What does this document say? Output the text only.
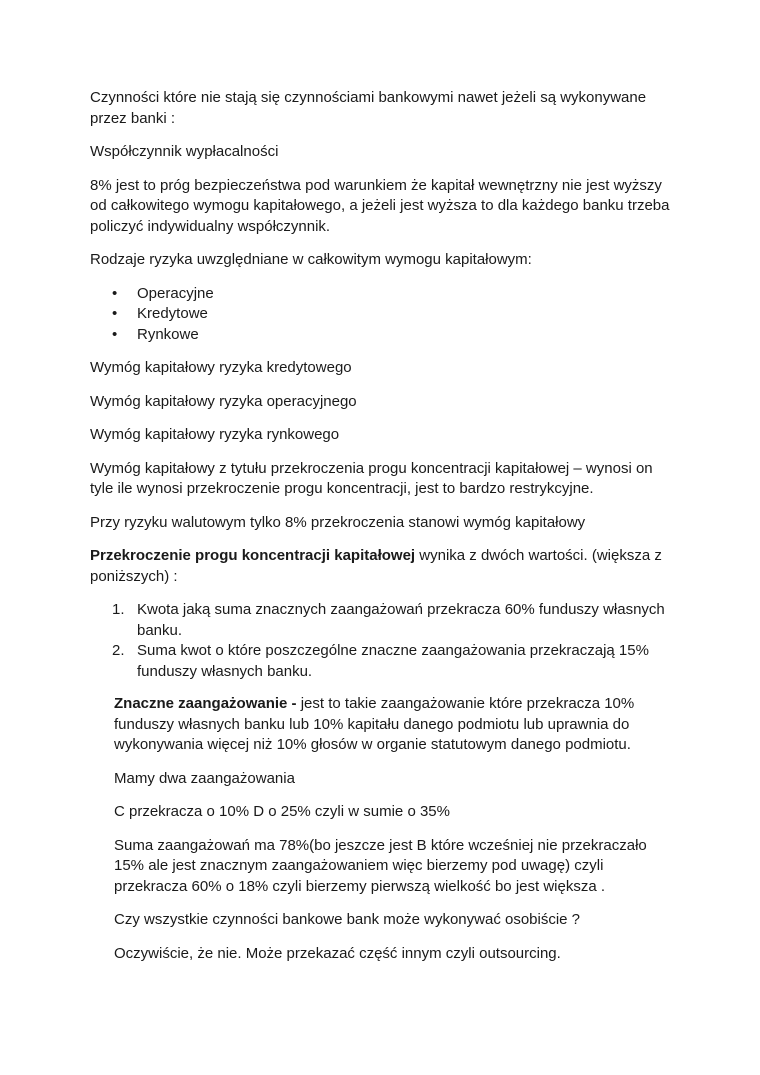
Czynności które nie stają się czynnościami bankowymi nawet jeżeli są wykonywane przez banki :

Współczynnik wypłacalności

8% jest to próg bezpieczeństwa pod warunkiem że kapitał wewnętrzny nie jest wyższy od całkowitego wymogu kapitałowego, a jeżeli jest wyższa to dla każdego banku trzeba policzyć indywidualny współczynnik.

Rodzaje ryzyka uwzględniane w całkowitym wymogu kapitałowym:

• Operacyjne
• Kredytowe
• Rynkowe

Wymóg kapitałowy ryzyka kredytowego

Wymóg kapitałowy ryzyka operacyjnego

Wymóg kapitałowy ryzyka rynkowego

Wymóg kapitałowy z tytułu przekroczenia progu koncentracji kapitałowej – wynosi on tyle ile wynosi przekroczenie progu koncentracji, jest to bardzo restrykcyjne.

Przy ryzyku walutowym tylko 8% przekroczenia stanowi wymóg kapitałowy

Przekroczenie progu koncentracji kapitałowej wynika z dwóch wartości. (większa z poniższych) :

1. Kwota jaką suma znacznych zaangażowań przekracza 60% funduszy własnych banku.
2. Suma kwot o które poszczególne znaczne zaangażowania przekraczają 15% funduszy własnych banku.

Znaczne zaangażowanie - jest to takie zaangażowanie które przekracza 10% funduszy własnych banku lub 10% kapitału danego podmiotu lub uprawnia do wykonywania więcej niż 10% głosów w organie statutowym danego podmiotu.

Mamy dwa zaangażowania

C przekracza o 10% D o 25% czyli w sumie o 35%

Suma zaangażowań ma 78%(bo jeszcze jest B które wcześniej nie przekraczało 15% ale jest znacznym zaangażowaniem więc bierzemy pod uwagę) czyli przekracza 60% o 18% czyli bierzemy pierwszą wielkość bo jest większa .

Czy wszystkie czynności bankowe bank może wykonywać osobiście ?

Oczywiście, że nie. Może przekazać część innym czyli outsourcing.
